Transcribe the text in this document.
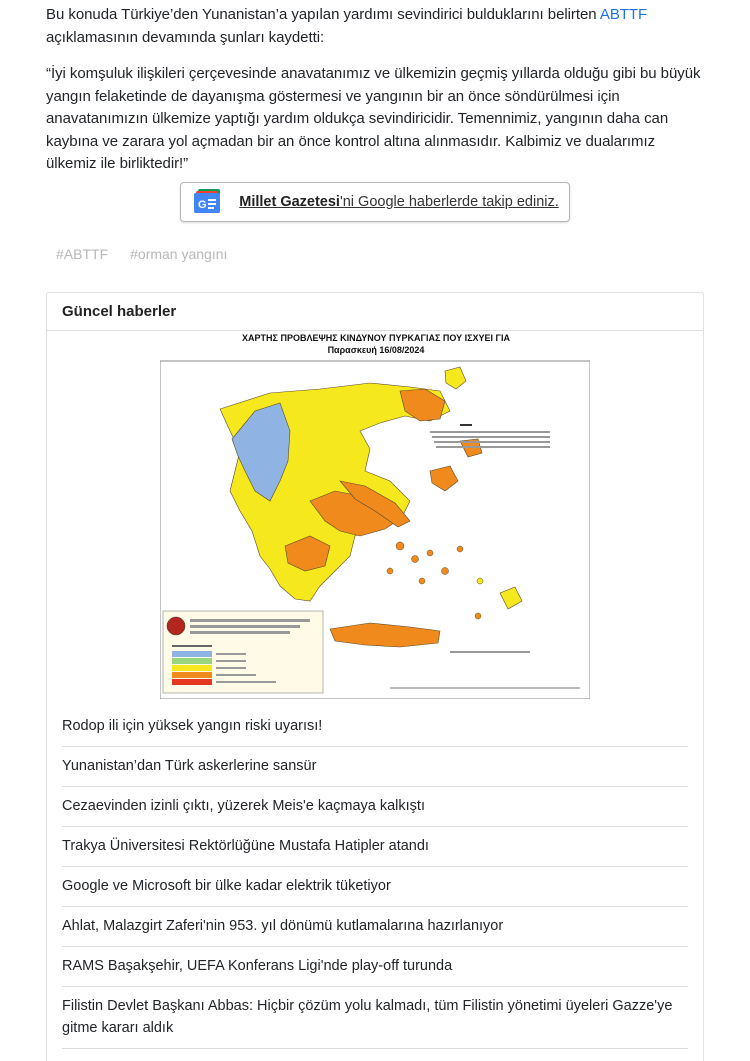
Bu konuda Türkiye’den Yunanistan’a yapılan yardımı sevindirici bulduklarını belirten ABTTF açıklamasının devamında şunları kaydetti:

“İyi komşuluk ilişkileri çerçevesinde anavatanımız ve ülkemizin geçmiş yıllarda olduğu gibi bu büyük yangın felaketinde de dayanışma göstermesi ve yangının bir an önce söndürülmesi için anavatanımızın ülkemize yaptığı yardım oldukça sevindiricidir. Temennimiz, yangının daha can kaybına ve zarara yol açmadan bir an önce kontrol altına alınmasıdır. Kalbimiz ve dualarımız ülkemiz ile birliktedir!”

G Millet Gazetesi'ni Google haberlerde takip ediniz.
#ABTTF #orman yangını
Güncel haberler
ΧΑΡΤΗΣ ΠΡΟΒΛΕΨΗΣ ΚΙΝΔΥΝΟΥ ΠΥΡΚΑΓΙΑΣ ΠΟΥ ΙΣΧΥΕΙ ΓΙΑ
Παρασκευή 16/08/2024
Rodop ili için yüksek yangın riski uyarısı!
Yunanistan’dan Türk askerlerine sansür
Cezaevinden izinli çıktı, yüzerek Meis'e kaçmaya kalkıştı
Trakya Üniversitesi Rektörlüğüne Mustafa Hatipler atandı
Google ve Microsoft bir ülke kadar elektrik tüketiyor
Ahlat, Malazgirt Zaferi'nin 953. yıl dönümü kutlamalarına hazırlanıyor
RAMS Başakşehir, UEFA Konferans Ligi'nde play-off turunda
Filistin Devlet Başkanı Abbas: Hiçbir çözüm yolu kalmadı, tüm Filistin yönetimi üyeleri Gazze'ye gitme kararı aldık
